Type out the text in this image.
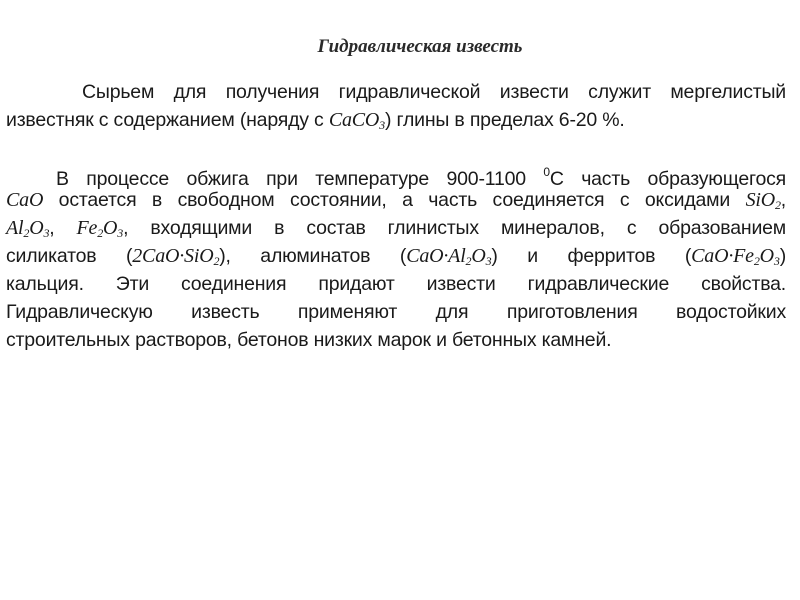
Гидравлическая известь
Сырьем для получения гидравлической извести служит мергелистый
известняк с содержанием (наряду с CaCO$_3$) глины в пределах 6-20 %.
В процессе обжига при температуре 900-1100 $^0$С часть образующегося
CaO остается в свободном состоянии, а часть соединяется с оксидами SiO$_2$,
$Al_2O_3$, $Fe_2O_3$, входящими в состав глинистых минералов, с образованием
силикатов (2CaO·SiO$_2$), алюминатов $(CaO\cdot Al_2O_3)$ и ферритов $(CaO\cdot Fe_2O_3)$
кальция. Эти соединения придают извести гидравлические свойства.
Гидравлическую известь применяют для приготовления водостойких
строительных растворов, бетонов низких марок и бетонных камней.
